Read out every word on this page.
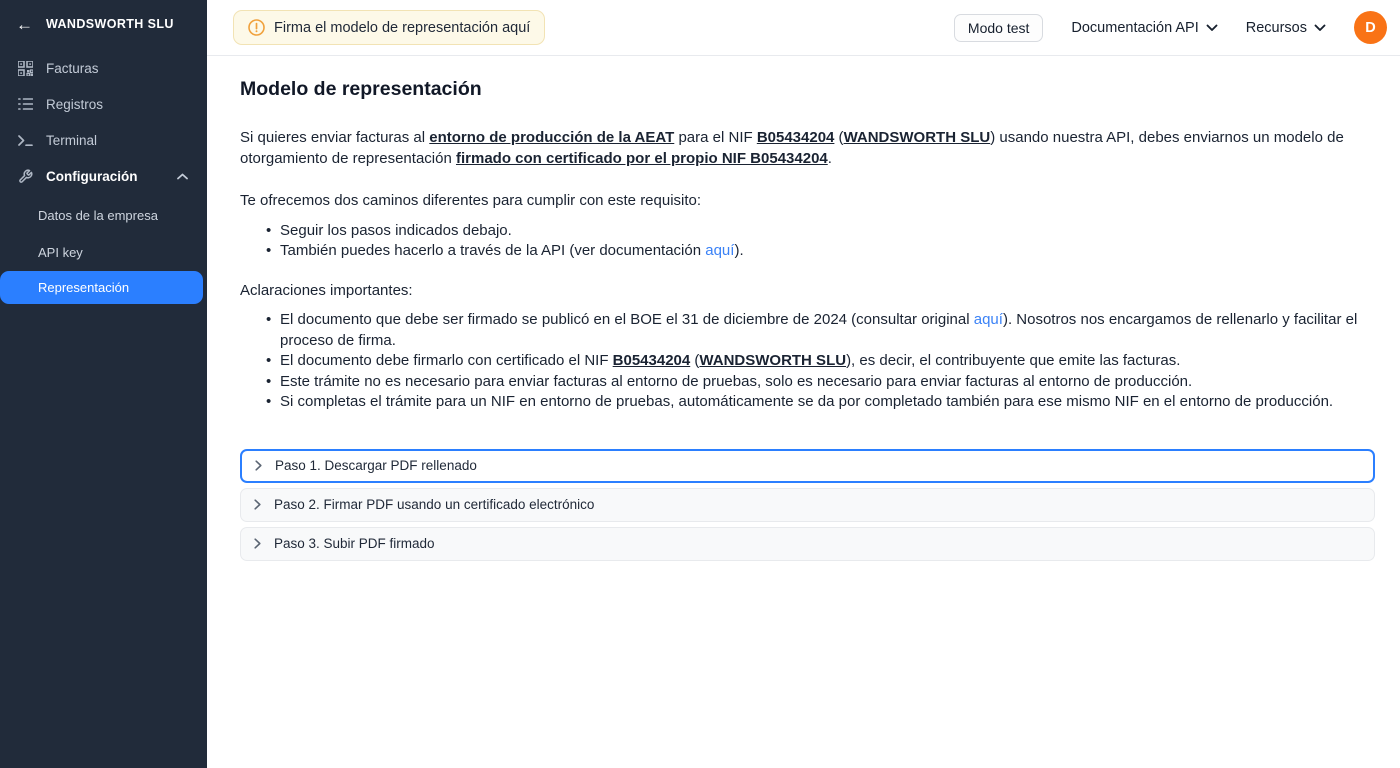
← WANDSWORTH SLU
Facturas
Registros
Terminal
Configuración
Datos de la empresa
API key
Representación
Firma el modelo de representación aquí	Modo test	Documentación API	Recursos	D
Modelo de representación

Si quieres enviar facturas al entorno de producción de la AEAT para el NIF B05434204 (WANDSWORTH SLU) usando nuestra API, debes enviarnos un modelo de otorgamiento de representación firmado con certificado por el propio NIF B05434204.

Te ofrecemos dos caminos diferentes para cumplir con este requisito:

• Seguir los pasos indicados debajo.
• También puedes hacerlo a través de la API (ver documentación aquí).

Aclaraciones importantes:

• El documento que debe ser firmado se publicó en el BOE el 31 de diciembre de 2024 (consultar original aquí). Nosotros nos encargamos de rellenarlo y facilitar el proceso de firma.
• El documento debe firmarlo con certificado el NIF B05434204 (WANDSWORTH SLU), es decir, el contribuyente que emite las facturas.
• Este trámite no es necesario para enviar facturas al entorno de pruebas, solo es necesario para enviar facturas al entorno de producción.
• Si completas el trámite para un NIF en entorno de pruebas, automáticamente se da por completado también para ese mismo NIF en el entorno de producción.
Paso 1. Descargar PDF rellenado
Paso 2. Firmar PDF usando un certificado electrónico
Paso 3. Subir PDF firmado
